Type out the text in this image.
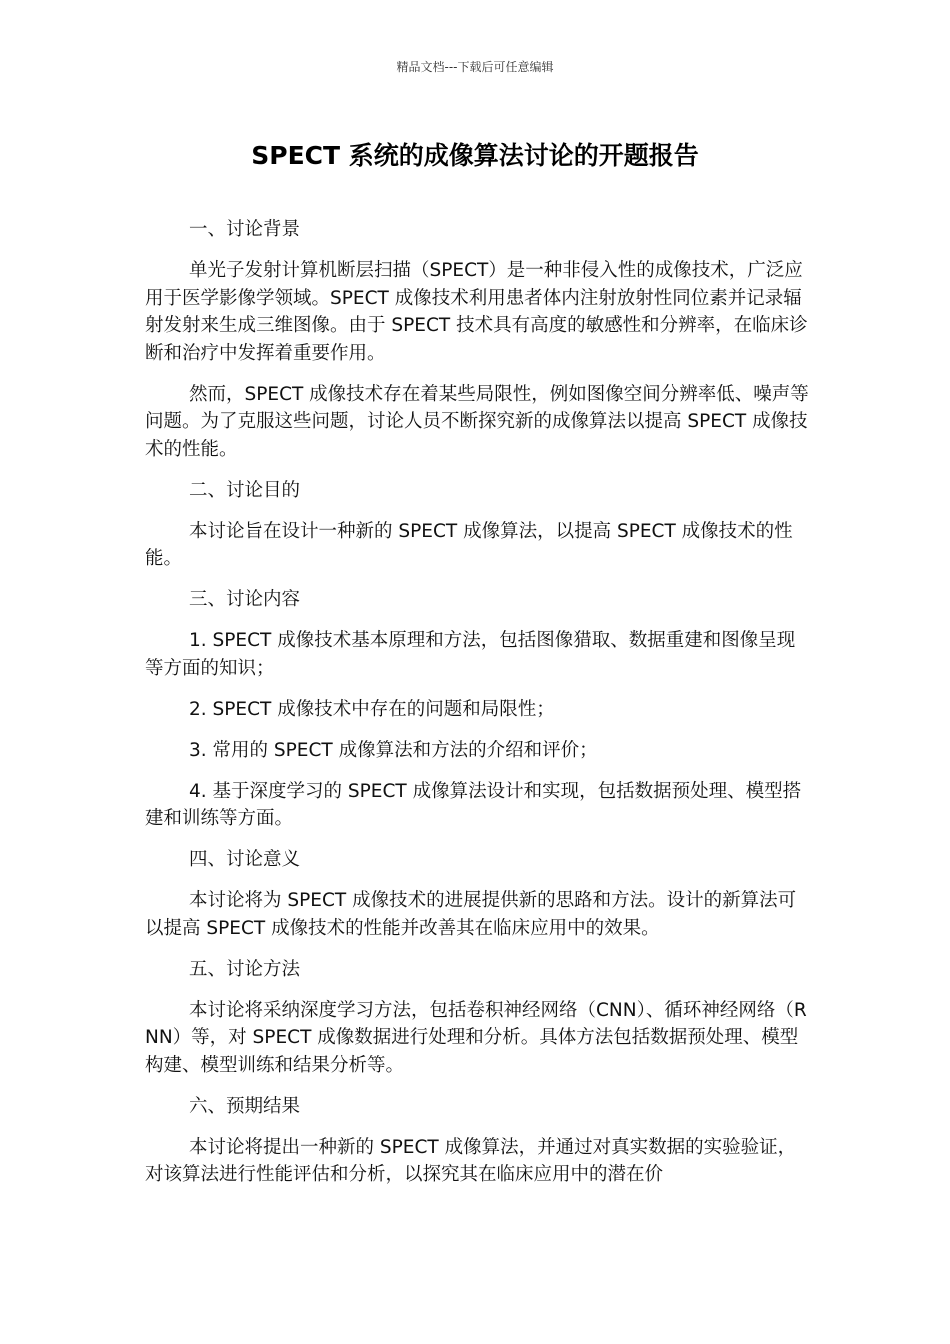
精品文档---下载后可任意编辑
SPECT 系统的成像算法讨论的开题报告

一、讨论背景

单光子发射计算机断层扫描（SPECT）是一种非侵入性的成像技术，广泛应用于医学影像学领域。SPECT 成像技术利用患者体内注射放射性同位素并记录辐射发射来生成三维图像。由于 SPECT 技术具有高度的敏感性和分辨率，在临床诊断和治疗中发挥着重要作用。

然而，SPECT 成像技术存在着某些局限性，例如图像空间分辨率低、噪声等问题。为了克服这些问题，讨论人员不断探究新的成像算法以提高 SPECT 成像技术的性能。

二、讨论目的

本讨论旨在设计一种新的 SPECT 成像算法，以提高 SPECT 成像技术的性能。

三、讨论内容

1. SPECT 成像技术基本原理和方法，包括图像猎取、数据重建和图像呈现等方面的知识；

2. SPECT 成像技术中存在的问题和局限性；

3. 常用的 SPECT 成像算法和方法的介绍和评价；

4. 基于深度学习的 SPECT 成像算法设计和实现，包括数据预处理、模型搭建和训练等方面。

四、讨论意义

本讨论将为 SPECT 成像技术的进展提供新的思路和方法。设计的新算法可以提高 SPECT 成像技术的性能并改善其在临床应用中的效果。

五、讨论方法

本讨论将采纳深度学习方法，包括卷积神经网络（CNN）、循环神经网络（RNN）等，对 SPECT 成像数据进行处理和分析。具体方法包括数据预处理、模型构建、模型训练和结果分析等。

六、预期结果

本讨论将提出一种新的 SPECT 成像算法，并通过对真实数据的实验验证，对该算法进行性能评估和分析，以探究其在临床应用中的潜在价
